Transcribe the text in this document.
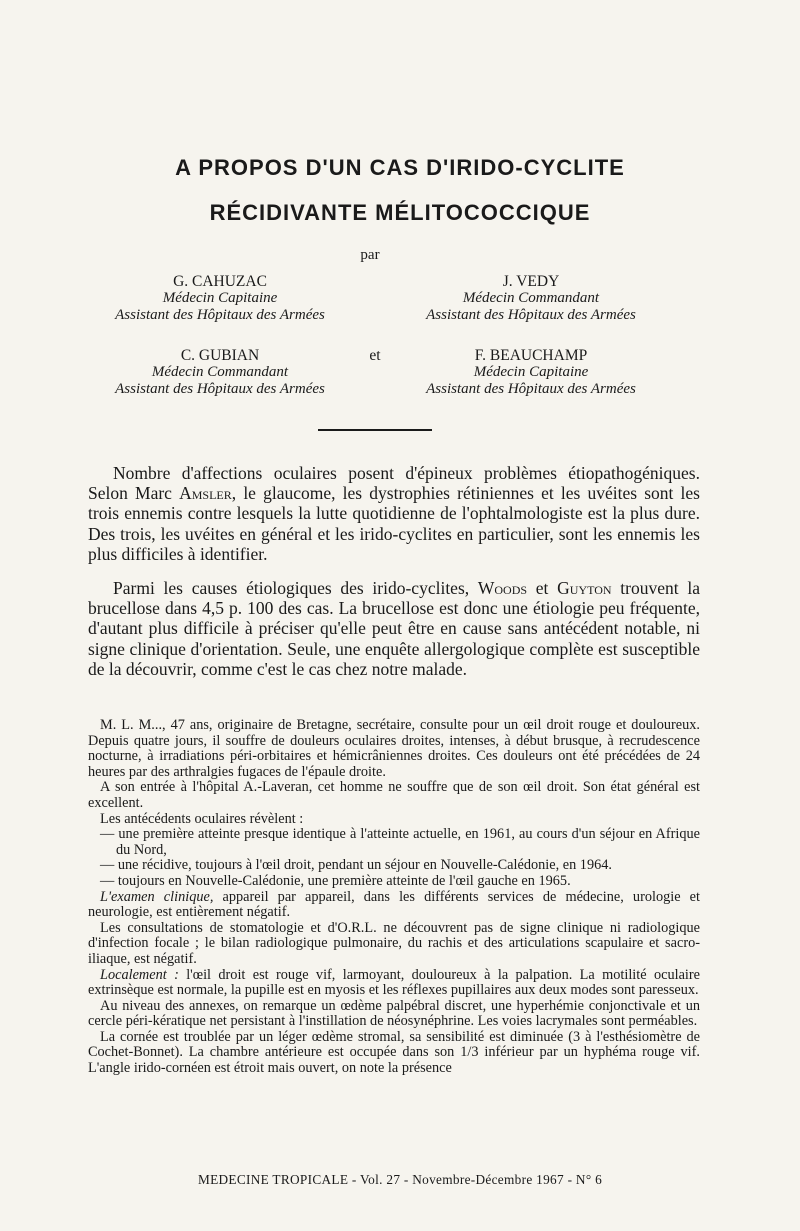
A PROPOS D'UN CAS D'IRIDO-CYCLITE
RÉCIDIVANTE MÉLITOCOCCIQUE
par
G. CAHUZAC
Médecin Capitaine
Assistant des Hôpitaux des Armées
C. GUBIAN
Médecin Commandant
Assistant des Hôpitaux des Armées
et
J. VEDY
Médecin Commandant
Assistant des Hôpitaux des Armées
F. BEAUCHAMP
Médecin Capitaine
Assistant des Hôpitaux des Armées

Nombre d'affections oculaires posent d'épineux problèmes étiopathogéniques. Selon Marc Amsler, le glaucome, les dystrophies rétiniennes et les uvéites sont les trois ennemis contre lesquels la lutte quotidienne de l'ophtalmologiste est la plus dure. Des trois, les uvéites en général et les irido-cyclites en particulier, sont les ennemis les plus difficiles à identifier.

Parmi les causes étiologiques des irido-cyclites, Woods et Guyton trouvent la brucellose dans 4,5 p. 100 des cas. La brucellose est donc une étiologie peu fréquente, d'autant plus difficile à préciser qu'elle peut être en cause sans antécédent notable, ni signe clinique d'orientation. Seule, une enquête allergologique complète est susceptible de la découvrir, comme c'est le cas chez notre malade.

M. L. M..., 47 ans, originaire de Bretagne, secrétaire, consulte pour un œil droit rouge et douloureux. Depuis quatre jours, il souffre de douleurs oculaires droites, intenses, à début brusque, à recrudescence nocturne, à irradiations péri-orbitaires et hémicrâniennes droites. Ces douleurs ont été précédées de 24 heures par des arthralgies fugaces de l'épaule droite.

A son entrée à l'hôpital A.-Laveran, cet homme ne souffre que de son œil droit. Son état général est excellent.

Les antécédents oculaires révèlent :

— une première atteinte presque identique à l'atteinte actuelle, en 1961, au cours d'un séjour en Afrique du Nord,
— une récidive, toujours à l'œil droit, pendant un séjour en Nouvelle-Calédonie, en 1964.
— toujours en Nouvelle-Calédonie, une première atteinte de l'œil gauche en 1965.

L'examen clinique, appareil par appareil, dans les différents services de médecine, urologie et neurologie, est entièrement négatif.

Les consultations de stomatologie et d'O.R.L. ne découvrent pas de signe clinique ni radiologique d'infection focale ; le bilan radiologique pulmonaire, du rachis et des articulations scapulaire et sacro-iliaque, est négatif.

Localement : l'œil droit est rouge vif, larmoyant, douloureux à la palpation. La motilité oculaire extrinsèque est normale, la pupille est en myosis et les réflexes pupillaires aux deux modes sont paresseux.

Au niveau des annexes, on remarque un œdème palpébral discret, une hyperhémie conjonctivale et un cercle péri-kératique net persistant à l'instillation de néosynéphrine. Les voies lacrymales sont perméables.

La cornée est troublée par un léger œdème stromal, sa sensibilité est diminuée (3 à l'esthésiomètre de Cochet-Bonnet). La chambre antérieure est occupée dans son 1/3 inférieur par un hyphéma rouge vif. L'angle irido-cornéen est étroit mais ouvert, on note la présence

MEDECINE TROPICALE - Vol. 27 - Novembre-Décembre 1967 - N° 6
